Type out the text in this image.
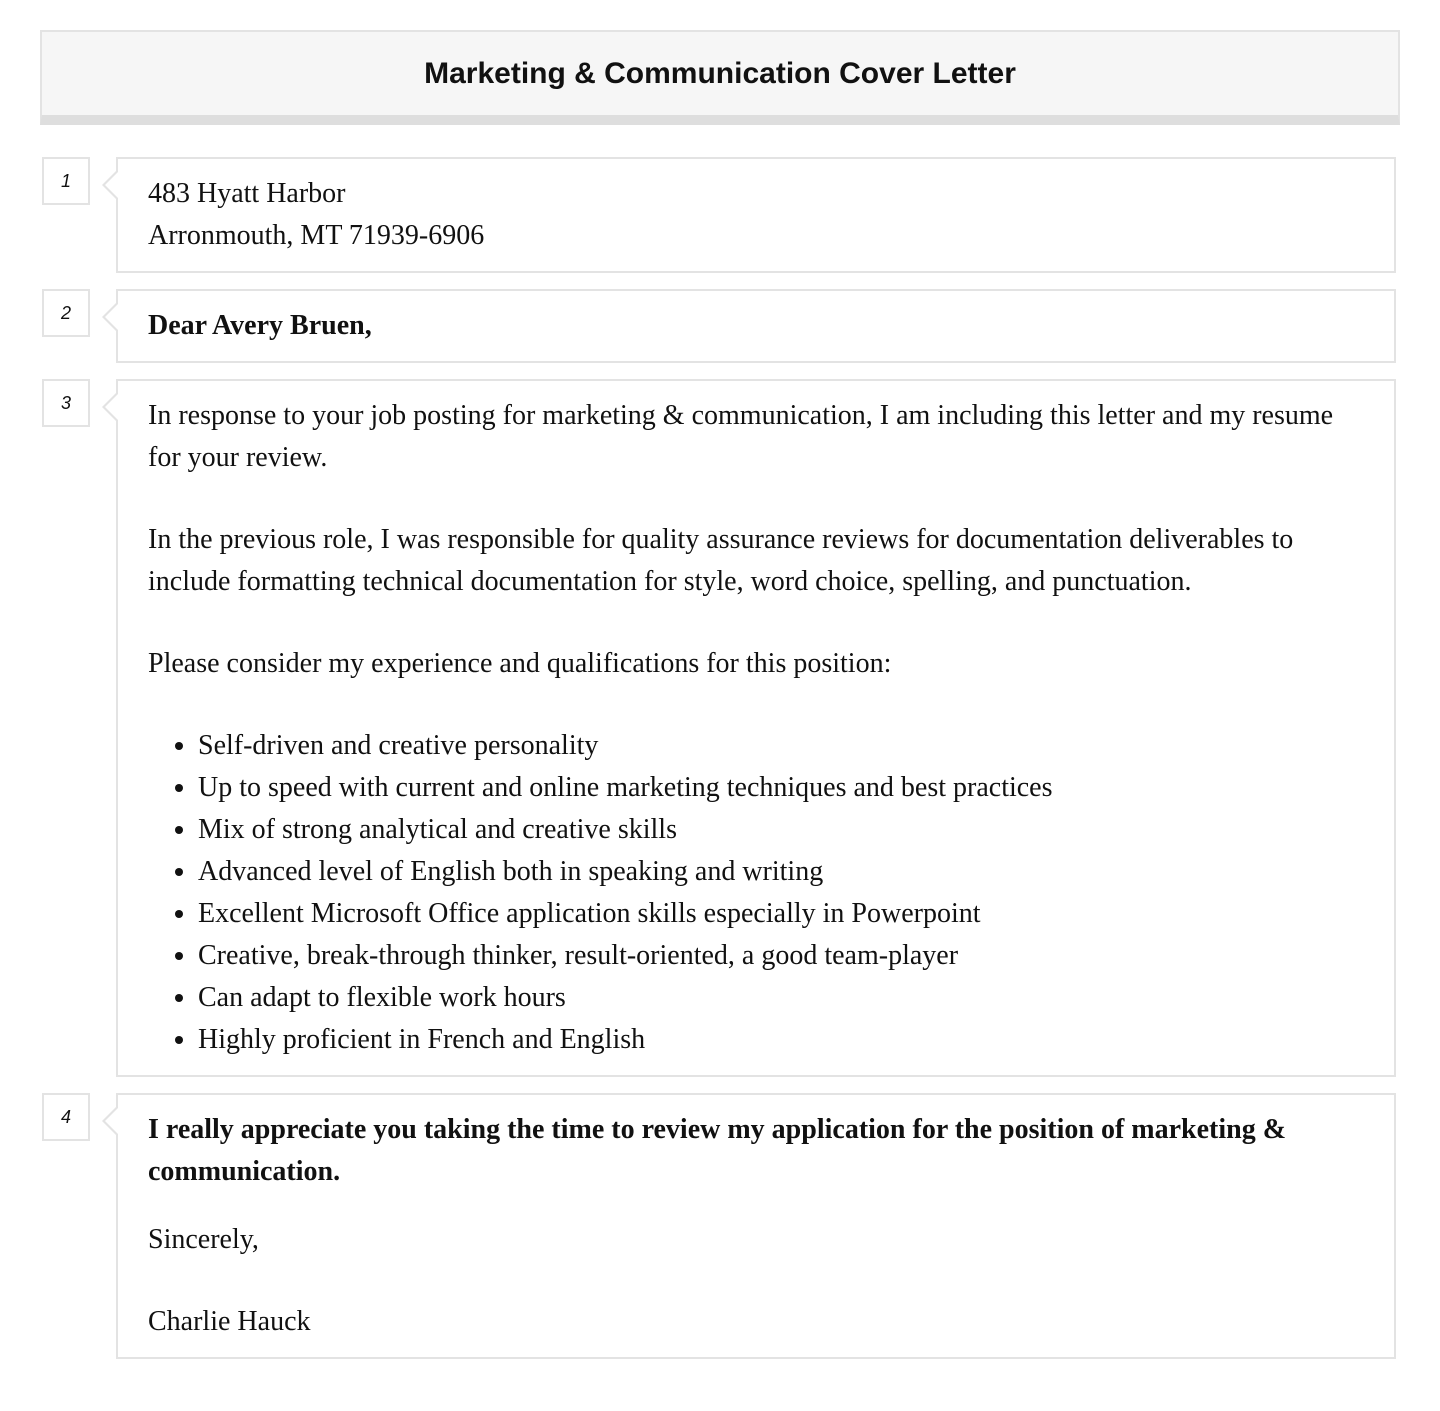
Marketing & Communication Cover Letter
1	483 Hyatt Harbor

Arronmouth, MT 71939-6906

2	Dear Avery Bruen,

3	In response to your job posting for marketing & communication, I am including this letter and my resume for your review.

In the previous role, I was responsible for quality assurance reviews for documentation deliverables to include formatting technical documentation for style, word choice, spelling, and punctuation.

Please consider my experience and qualifications for this position:

• Self-driven and creative personality
• Up to speed with current and online marketing techniques and best practices
• Mix of strong analytical and creative skills
• Advanced level of English both in speaking and writing
• Excellent Microsoft Office application skills especially in Powerpoint
• Creative, break-through thinker, result-oriented, a good team-player
• Can adapt to flexible work hours
• Highly proficient in French and English
4	I really appreciate you taking the time to review my application for the position of marketing & communication.

Sincerely,

Charlie Hauck
